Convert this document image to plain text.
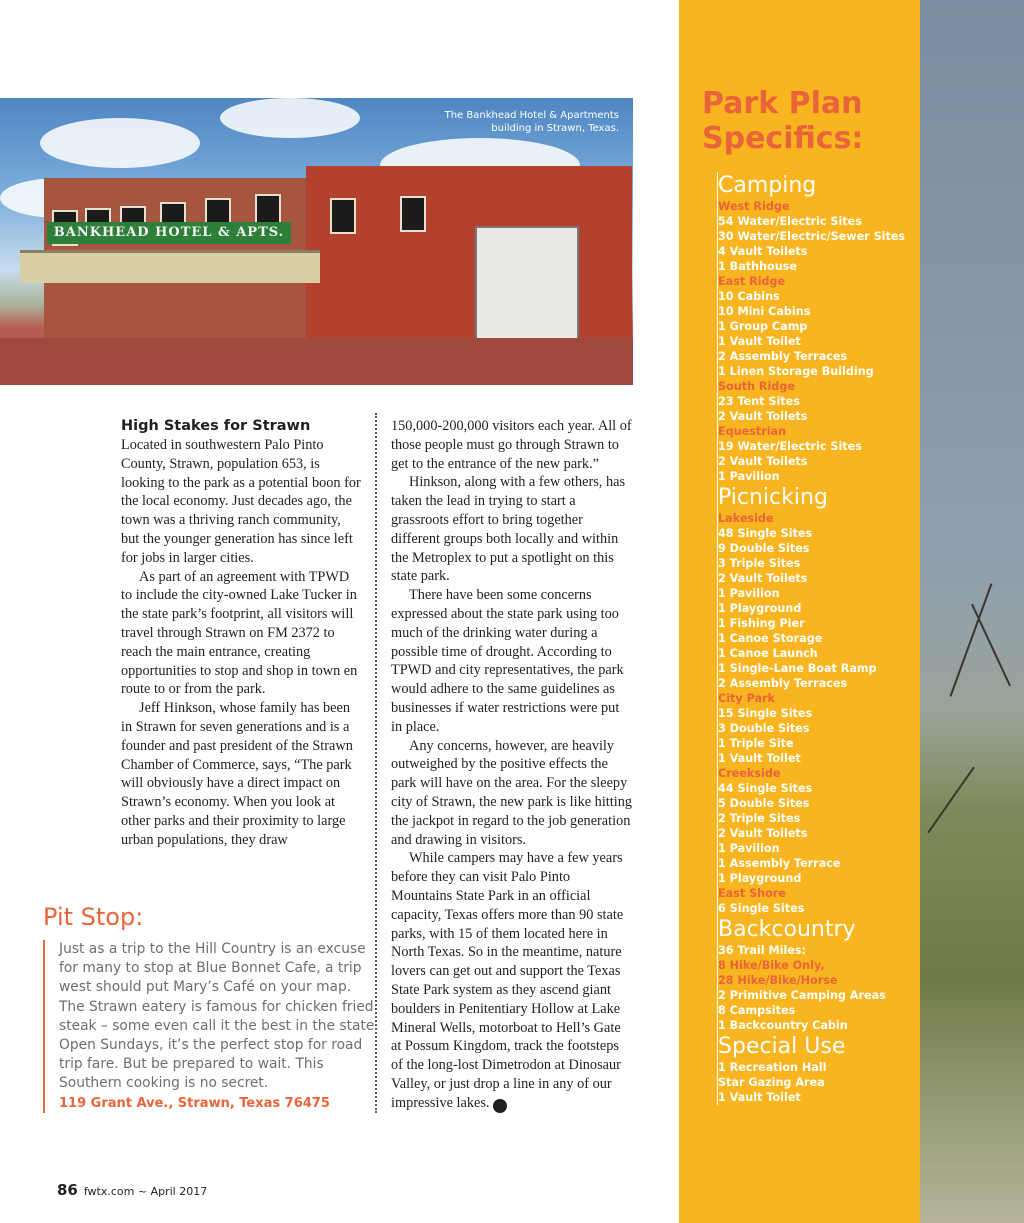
BANKHEAD HOTEL & APTS.
The Bankhead Hotel & Apartments
building in Strawn, Texas.
High Stakes for Strawn

Located in southwestern Palo Pinto County, Strawn, population 653, is looking to the park as a potential boon for the local economy. Just decades ago, the town was a thriving ranch community, but the younger generation has since left for jobs in larger cities.

As part of an agreement with TPWD to include the city-owned Lake Tucker in the state park’s footprint, all visitors will travel through Strawn on FM 2372 to reach the main entrance, creating opportunities to stop and shop in town en route to or from the park.

Jeff Hinkson, whose family has been in Strawn for seven generations and is a founder and past president of the Strawn Chamber of Commerce, says, “The park will obviously have a direct impact on Strawn’s economy. When you look at other parks and their proximity to large urban populations, they draw

150,000-200,000 visitors each year. All of those people must go through Strawn to get to the entrance of the new park.”

Hinkson, along with a few others, has taken the lead in trying to start a grassroots effort to bring together different groups both locally and within the Metroplex to put a spotlight on this state park.

There have been some concerns expressed about the state park using too much of the drinking water during a possible time of drought. According to TPWD and city representatives, the park would adhere to the same guidelines as businesses if water restrictions were put in place.

Any concerns, however, are heavily outweighed by the positive effects the park will have on the area. For the sleepy city of Strawn, the new park is like hitting the jackpot in regard to the job generation and drawing in visitors.

While campers may have a few years before they can visit Palo Pinto Mountains State Park in an official capacity, Texas offers more than 90 state parks, with 15 of them located here in North Texas. So in the meantime, nature lovers can get out and support the Texas State Park system as they ascend giant boulders in Penitentiary Hollow at Lake Mineral Wells, motorboat to Hell’s Gate at Possum Kingdom, track the footsteps of the long-lost Dimetrodon at Dinosaur Valley, or just drop a line in any of our impressive lakes.	fw

Pit Stop:
Just as a trip to the Hill Country is an excuse for many to stop at Blue Bonnet Cafe, a trip west should put Mary’s Café on your map. The Strawn eatery is famous for chicken fried steak – some even call it the best in the state. Open Sundays, it’s the perfect stop for road trip fare. But be prepared to wait. This Southern cooking is no secret.
119 Grant Ave., Strawn, Texas 76475
86 fwtx.com ~ April 2017
Park Plan
Specifics:
Camping
West Ridge
54 Water/Electric Sites
30 Water/Electric/Sewer Sites
4 Vault Toilets
1 Bathhouse
East Ridge
10 Cabins
10 Mini Cabins
1 Group Camp
1 Vault Toilet
2 Assembly Terraces
1 Linen Storage Building
South Ridge
23 Tent Sites
2 Vault Toilets
Equestrian
19 Water/Electric Sites
2 Vault Toilets
1 Pavilion
Picnicking
Lakeside
48 Single Sites
9 Double Sites
3 Triple Sites
2 Vault Toilets
1 Pavilion
1 Playground
1 Fishing Pier
1 Canoe Storage
1 Canoe Launch
1 Single-Lane Boat Ramp
2 Assembly Terraces
City Park
15 Single Sites
3 Double Sites
1 Triple Site
1 Vault Toilet
Creekside
44 Single Sites
5 Double Sites
2 Triple Sites
2 Vault Toilets
1 Pavilion
1 Assembly Terrace
1 Playground
East Shore
6 Single Sites
Backcountry
36 Trail Miles:
8 Hike/Bike Only,
28 Hike/Bike/Horse
2 Primitive Camping Areas
8 Campsites
1 Backcountry Cabin
Special Use
1 Recreation Hall
Star Gazing Area
1 Vault Toilet
